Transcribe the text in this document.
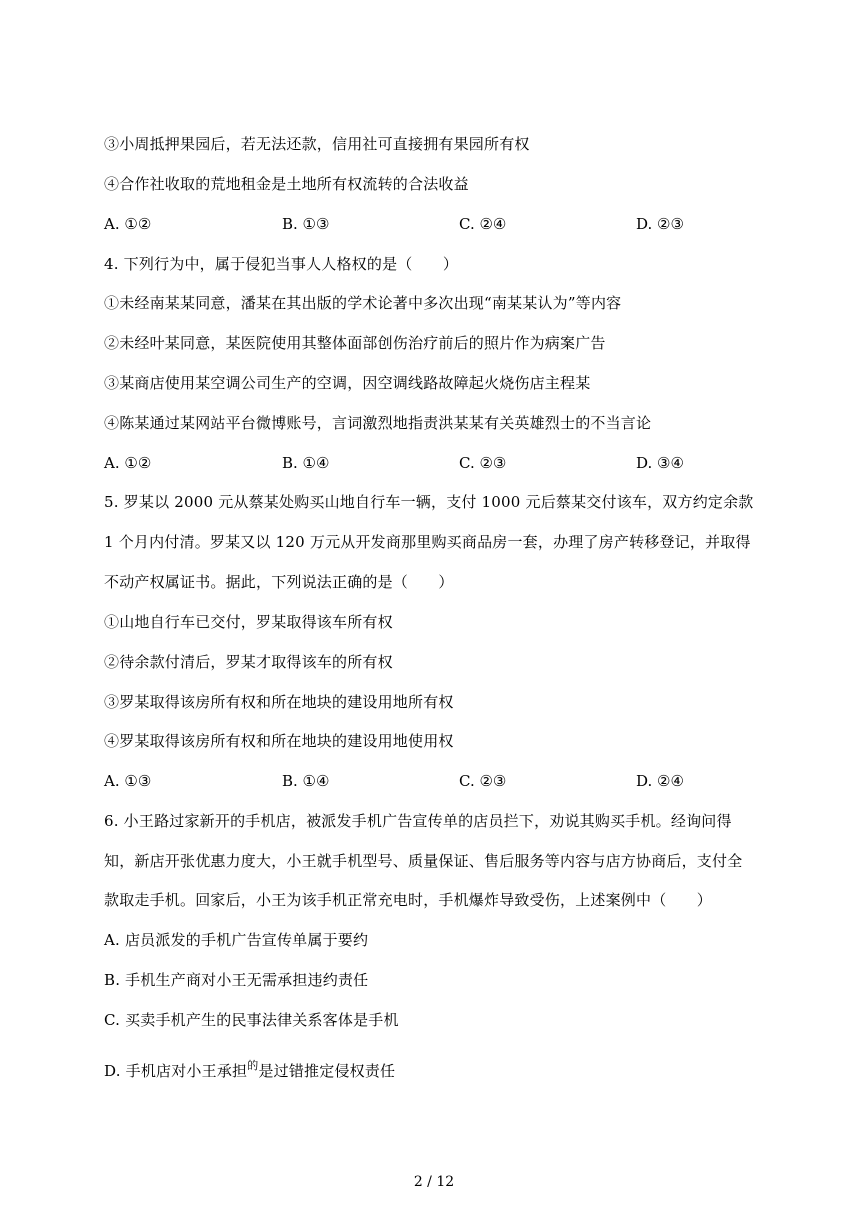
③小周抵押果园后，若无法还款，信用社可直接拥有果园所有权
④合作社收取的荒地租金是土地所有权流转的合法收益
A. ①②	B. ①③	C. ②④	D. ②③
4. 下列行为中，属于侵犯当事人人格权的是（　　）
①未经南某某同意，潘某在其出版的学术论著中多次出现“南某某认为”等内容
②未经叶某同意，某医院使用其整体面部创伤治疗前后的照片作为病案广告
③某商店使用某空调公司生产的空调，因空调线路故障起火烧伤店主程某
④陈某通过某网站平台微博账号，言词激烈地指责洪某某有关英雄烈士的不当言论
A. ①②	B. ①④	C. ②③	D. ③④
5. 罗某以 2000 元从蔡某处购买山地自行车一辆，支付 1000 元后蔡某交付该车，双方约定余款
1 个月内付清。罗某又以 120 万元从开发商那里购买商品房一套，办理了房产转移登记，并取得
不动产权属证书。据此，下列说法正确的是（　　）
①山地自行车已交付，罗某取得该车所有权
②待余款付清后，罗某才取得该车的所有权
③罗某取得该房所有权和所在地块的建设用地所有权
④罗某取得该房所有权和所在地块的建设用地使用权
A. ①③	B. ①④	C. ②③	D. ②④
6. 小王路过家新开的手机店，被派发手机广告宣传单的店员拦下，劝说其购买手机。经询问得
知，新店开张优惠力度大，小王就手机型号、质量保证、售后服务等内容与店方协商后，支付全
款取走手机。回家后，小王为该手机正常充电时，手机爆炸导致受伤，上述案例中（　　）
A. 店员派发的手机广告宣传单属于要约
B. 手机生产商对小王无需承担违约责任
C. 买卖手机产生的民事法律关系客体是手机
D. 手机店对小王承担$^的$是过错推定侵权责任
2 / 12
